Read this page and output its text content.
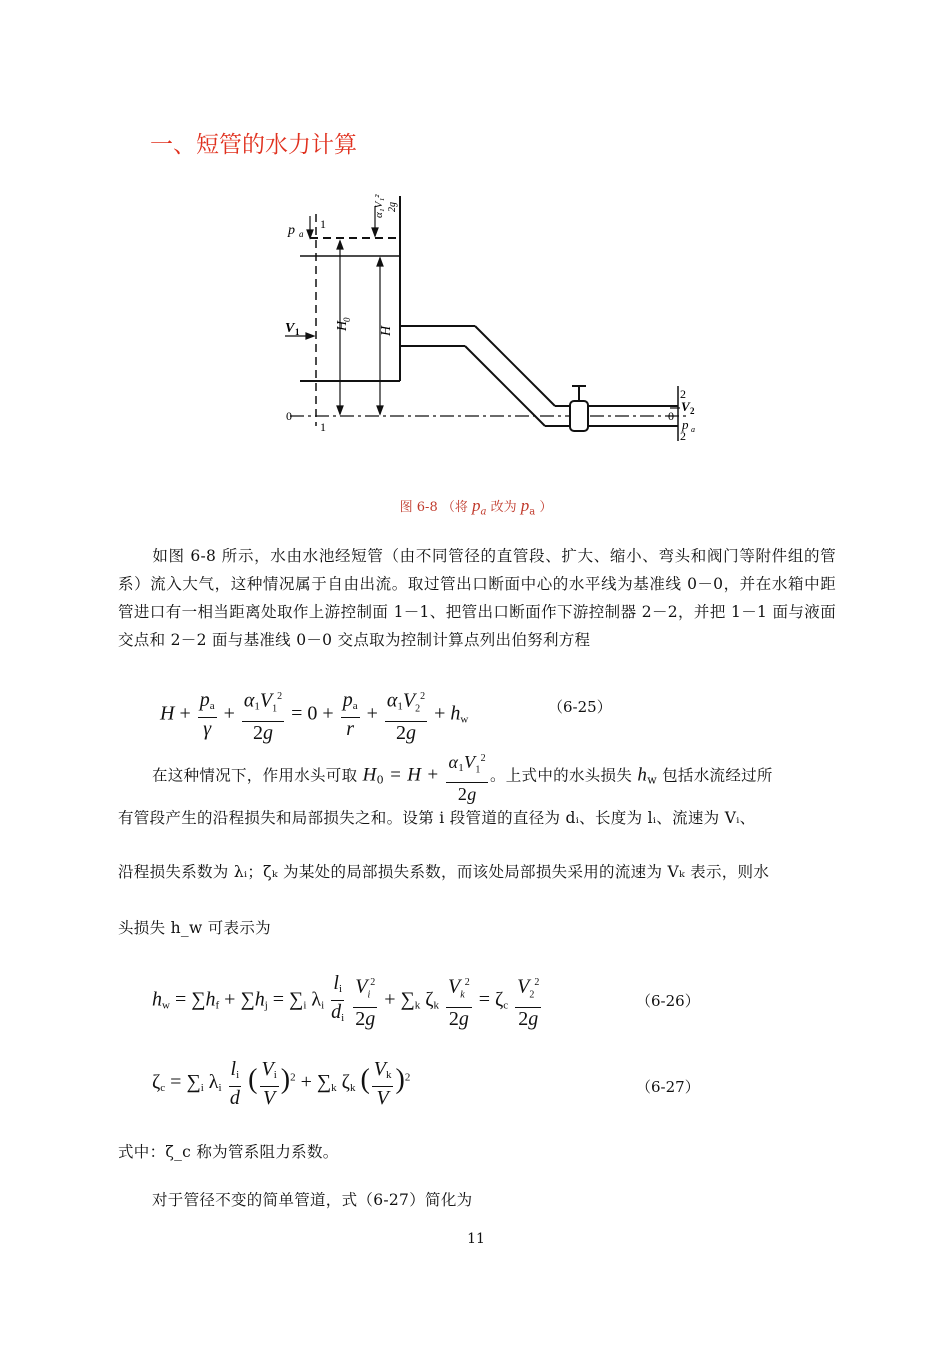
一、短管的水力计算
p a
1
1
V 1
H
0
H
0	0
2
2
V 2
p a
α₁V₁² 2g
图 6-8 （将 $p_a$ 改为 $p_a$ ）
如图 6-8 所示，水由水池经短管（由不同管径的直管段、扩大、缩小、弯头和阀门等附件组的管系）流入大气，这种情况属于自由出流。取过管出口断面中心的水平线为基准线 0－0，并在水箱中距管进口有一相当距离处取作上游控制面 1－1、把管出口断面作下游控制器 2－2，并把 1－1 面与液面交点和 2－2 面与基准线 0－0 交点取为控制计算点列出伯努利方程
$H + \frac{p_a}{\gamma} + \frac{\alpha_1V_1^2}{2g} = 0 + \frac{p_a}{r} + \frac{\alpha_1V_2^2}{2g} + h_w$
（6-25）
在这种情况下，作用水头可取 $H_0 = H + \frac{\alpha_1V_1^2}{2g}$ 。上式中的水头损失 $h_w$ 包括水流经过所
有管段产生的沿程损失和局部损失之和。设第 i 段管道的直径为 dᵢ、长度为 lᵢ、流速为 Vᵢ、
沿程损失系数为 λᵢ；ζₖ 为某处的局部损失系数，而该处局部损失采用的流速为 Vₖ 表示，则水
头损失 h_w 可表示为
$h_w = \sum h_f + \sum h_j = \sum_i$ $\lambda_i \frac{l_i}{d_i}$
$\frac{V_i^2}{2g} + \sum_k$ $\zeta_k \frac{V_k^2}{2g} = \zeta_c \frac{V_2^2}{2g}$	（6-26）
$\zeta_c = \sum_i$ $\lambda_i \frac{l_i}{d}$ ( $\frac{V_i}{V} )^2 + \sum_k$ $\zeta_k$ ( $\frac{V_k}{V} )^2$
（6-27）
式中：ζ_c 称为管系阻力系数。
对于管径不变的简单管道，式（6-27）简化为
11
